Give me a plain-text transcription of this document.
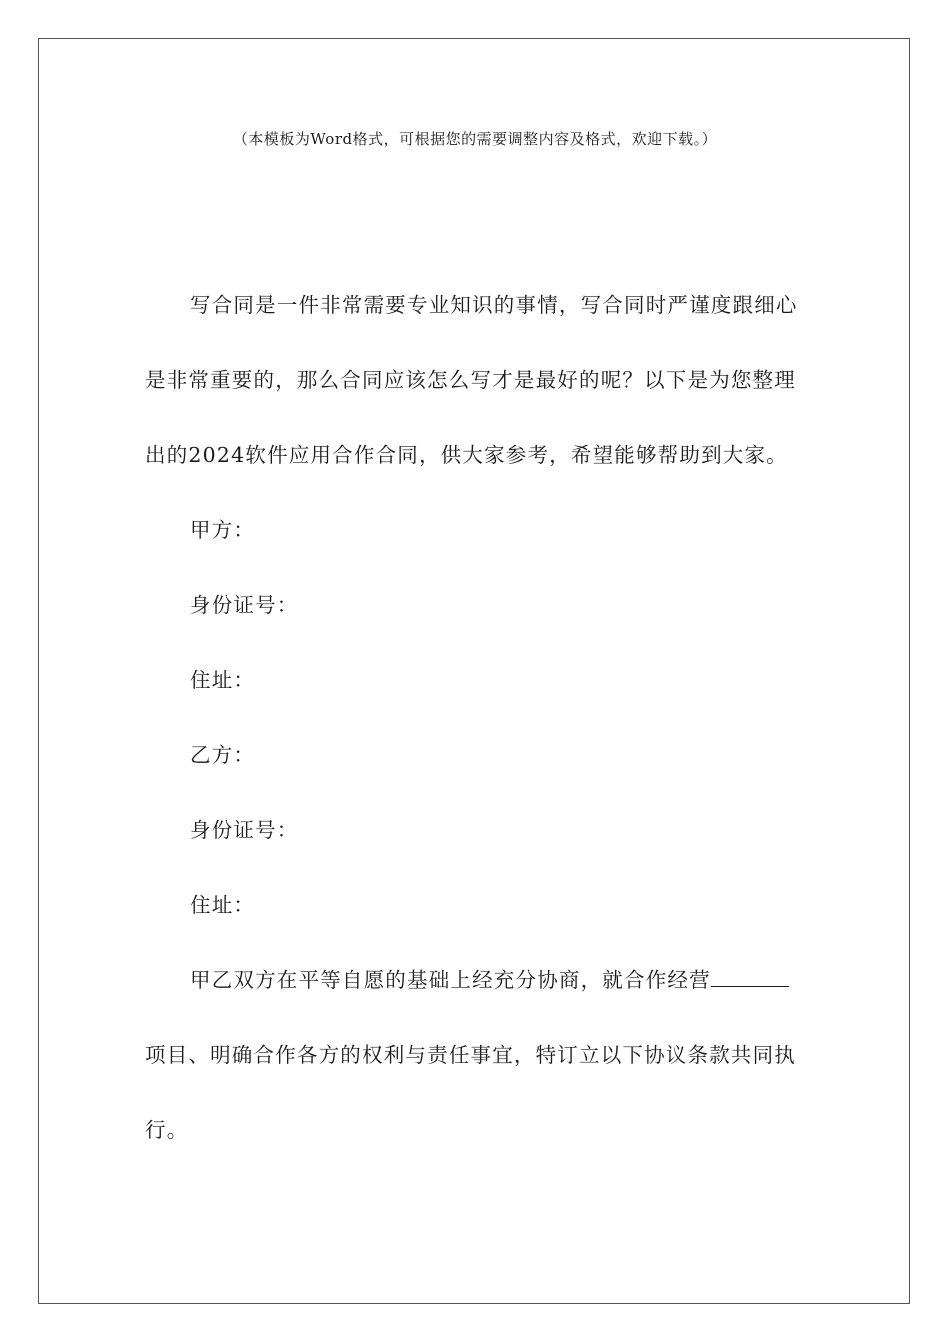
（本模板为Word格式，可根据您的需要调整内容及格式，欢迎下载。）

写合同是一件非常需要专业知识的事情，写合同时严谨度跟细心是非常重要的，那么合同应该怎么写才是最好的呢？以下是为您整理出的2024软件应用合作合同，供大家参考，希望能够帮助到大家。

甲方：

身份证号：

住址：

乙方：

身份证号：

住址：

甲乙双方在平等自愿的基础上经充分协商，就合作经营项目、明确合作各方的权利与责任事宜，特订立以下协议条款共同执行。
